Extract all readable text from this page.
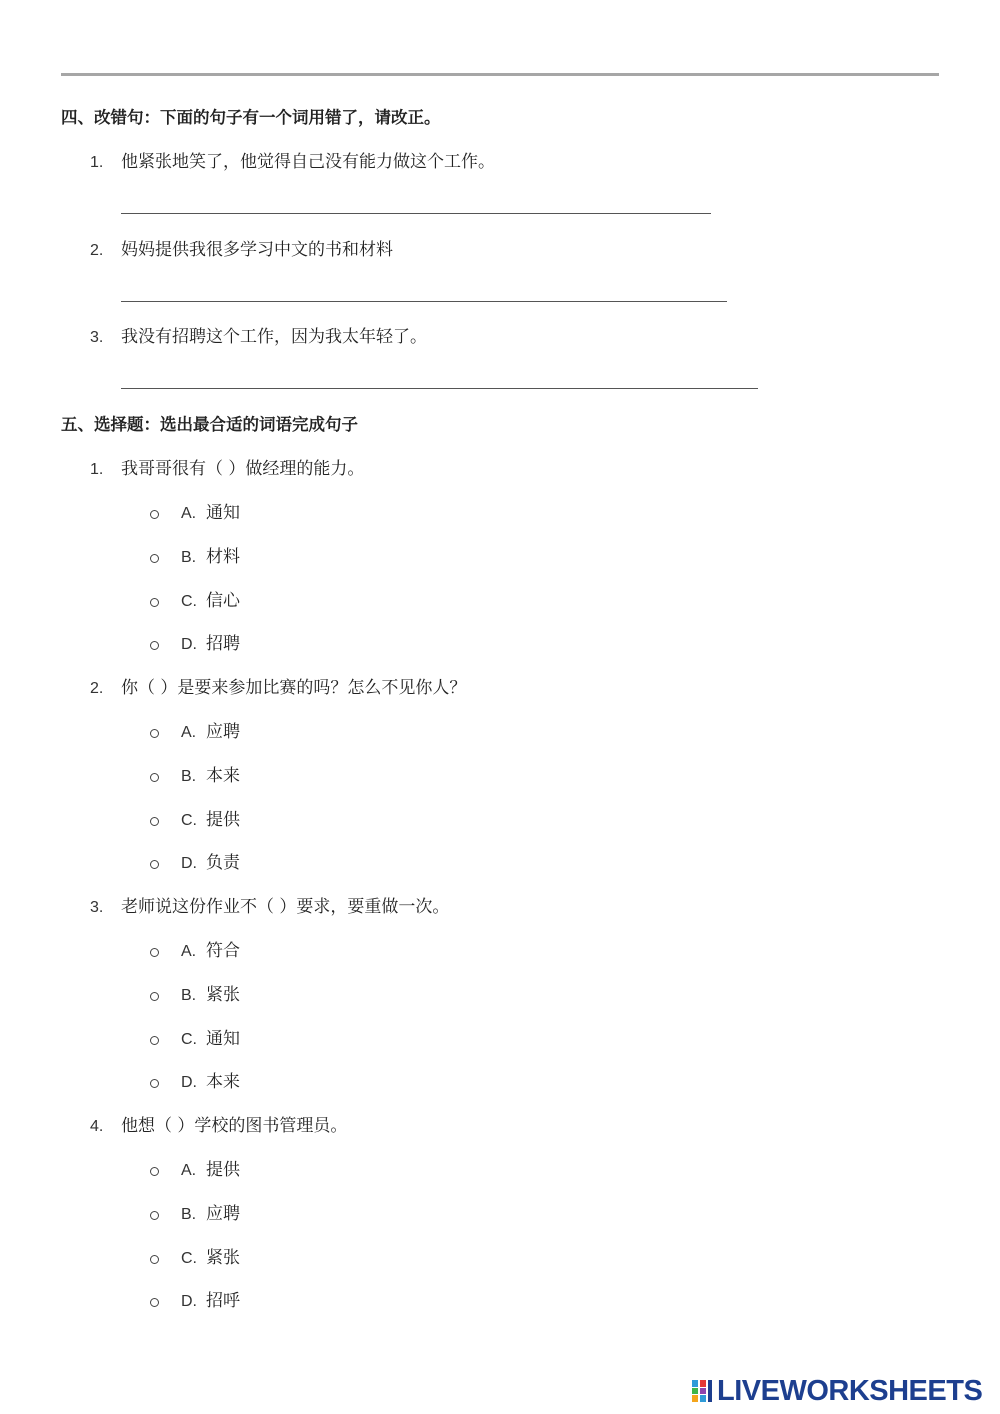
四、改错句：下面的句子有一个词用错了，请改正。
1. 他紧张地笑了，他觉得自己没有能力做这个工作。
2. 妈妈提供我很多学习中文的书和材料
3. 我没有招聘这个工作，因为我太年轻了。
五、选择题：选出最合适的词语完成句子
1. 我哥哥很有（ ）做经理的能力。
A. 通知
B. 材料
C. 信心
D. 招聘
2. 你（ ）是要来参加比赛的吗？怎么不见你人？
A. 应聘
B. 本来
C. 提供
D. 负责
3. 老师说这份作业不（ ）要求，要重做一次。
A. 符合
B. 紧张
C. 通知
D. 本来
4. 他想（ ）学校的图书管理员。
A. 提供
B. 应聘
C. 紧张
D. 招呼
LIVEWORKSHEETS
